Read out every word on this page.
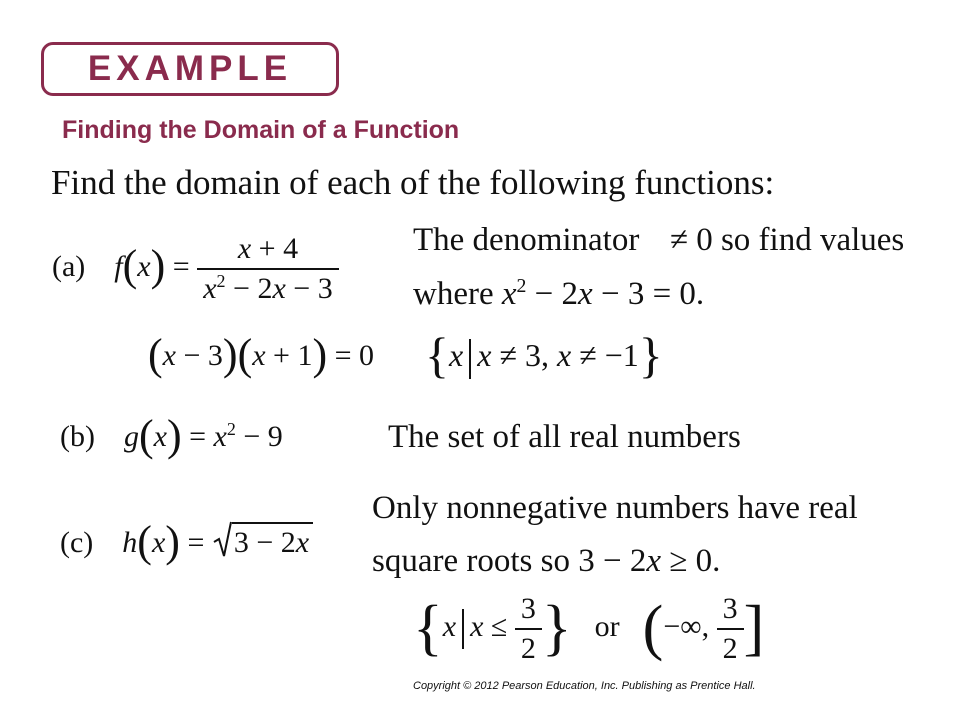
EXAMPLE
Finding the Domain of a Function
Find the domain of each of the following functions:
(a) $f(x) = \frac{x + 4}{x^2 - 2x - 3}$
(x − 3)(x + 1) = 0
The denominator ≠ 0 so find values
where $x^2 - 2x - 3 = 0$.
{x x ≠ 3, x ≠ −1}
(b) $g(x) = x^2 - 9$	The set of all real numbers
(c) h(x) = 3 − 2x
Only nonnegative numbers have real
square roots so 3 − 2x ≥ 0.
{x $x \le \frac{3}{2}$ } or (−∞, $\frac{3}{2}$ ]
Copyright © 2012 Pearson Education, Inc. Publishing as Prentice Hall.
